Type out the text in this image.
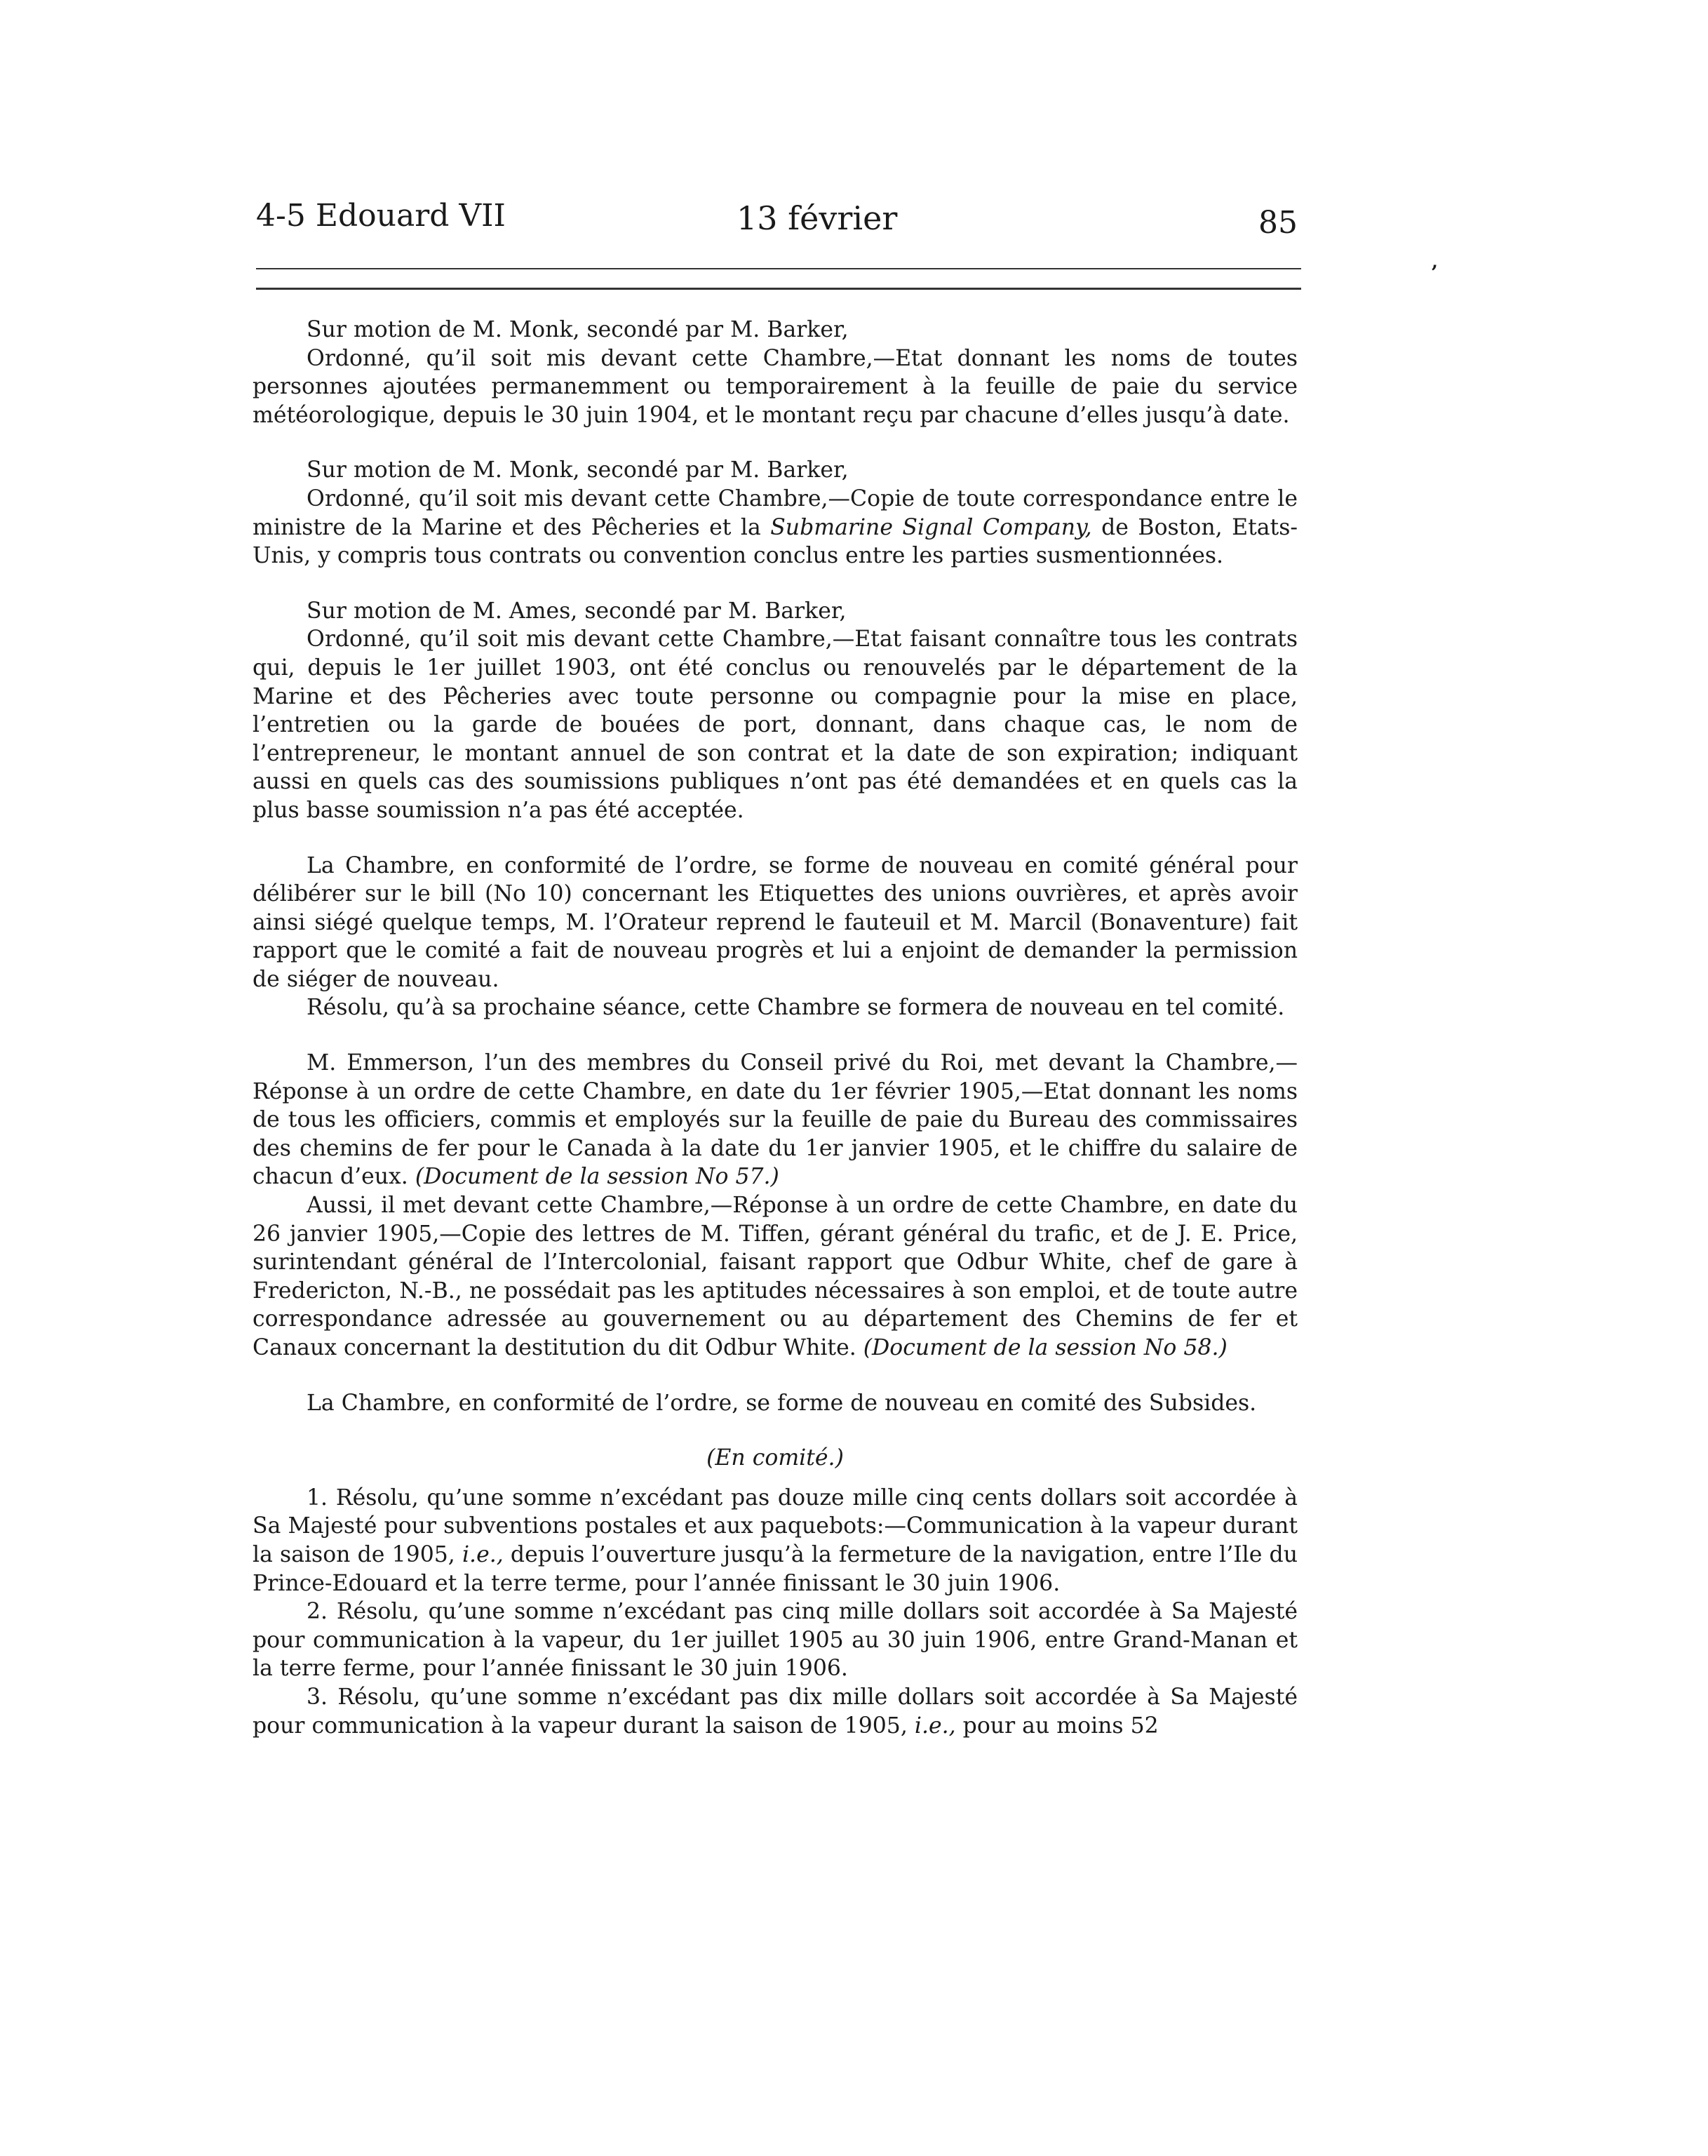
4-5 Edouard VII	13 février	85
’

Sur motion de M. Monk, secondé par M. Barker,

Ordonné, qu’il soit mis devant cette Chambre,—Etat donnant les noms de toutes personnes ajoutées permanemment ou temporairement à la feuille de paie du service météorologique, depuis le 30 juin 1904, et le montant reçu par chacune d’elles jusqu’à date.

Sur motion de M. Monk, secondé par M. Barker,

Ordonné, qu’il soit mis devant cette Chambre,—Copie de toute correspondance entre le ministre de la Marine et des Pêcheries et la Submarine Signal Company, de Boston, Etats-Unis, y compris tous contrats ou convention conclus entre les parties susmentionnées.

Sur motion de M. Ames, secondé par M. Barker,

Ordonné, qu’il soit mis devant cette Chambre,—Etat faisant connaître tous les contrats qui, depuis le 1er juillet 1903, ont été conclus ou renouvelés par le département de la Marine et des Pêcheries avec toute personne ou compagnie pour la mise en place, l’entretien ou la garde de bouées de port, donnant, dans chaque cas, le nom de l’entrepreneur, le montant annuel de son contrat et la date de son expiration; indiquant aussi en quels cas des soumissions publiques n’ont pas été demandées et en quels cas la plus basse soumission n’a pas été acceptée.

La Chambre, en conformité de l’ordre, se forme de nouveau en comité général pour délibérer sur le bill (No 10) concernant les Etiquettes des unions ouvrières, et après avoir ainsi siégé quelque temps, M. l’Orateur reprend le fauteuil et M. Marcil (Bonaventure) fait rapport que le comité a fait de nouveau progrès et lui a enjoint de demander la permission de siéger de nouveau.

Résolu, qu’à sa prochaine séance, cette Chambre se formera de nouveau en tel comité.

M. Emmerson, l’un des membres du Conseil privé du Roi, met devant la Chambre,—Réponse à un ordre de cette Chambre, en date du 1er février 1905,—Etat donnant les noms de tous les officiers, commis et employés sur la feuille de paie du Bureau des commissaires des chemins de fer pour le Canada à la date du 1er janvier 1905, et le chiffre du salaire de chacun d’eux. (Document de la session No 57.)

Aussi, il met devant cette Chambre,—Réponse à un ordre de cette Chambre, en date du 26 janvier 1905,—Copie des lettres de M. Tiffen, gérant général du trafic, et de J. E. Price, surintendant général de l’Intercolonial, faisant rapport que Odbur White, chef de gare à Fredericton, N.-B., ne possédait pas les aptitudes nécessaires à son emploi, et de toute autre correspondance adressée au gouvernement ou au département des Chemins de fer et Canaux concernant la destitution du dit Odbur White. (Document de la session No 58.)

La Chambre, en conformité de l’ordre, se forme de nouveau en comité des Subsides.

(En comité.)

1. Résolu, qu’une somme n’excédant pas douze mille cinq cents dollars soit accordée à Sa Majesté pour subventions postales et aux paquebots:—Communication à la vapeur durant la saison de 1905, i.e., depuis l’ouverture jusqu’à la fermeture de la navigation, entre l’Ile du Prince-Edouard et la terre terme, pour l’année finissant le 30 juin 1906.

2. Résolu, qu’une somme n’excédant pas cinq mille dollars soit accordée à Sa Majesté pour communication à la vapeur, du 1er juillet 1905 au 30 juin 1906, entre Grand-Manan et la terre ferme, pour l’année finissant le 30 juin 1906.

3. Résolu, qu’une somme n’excédant pas dix mille dollars soit accordée à Sa Majesté pour communication à la vapeur durant la saison de 1905, i.e., pour au moins 52
